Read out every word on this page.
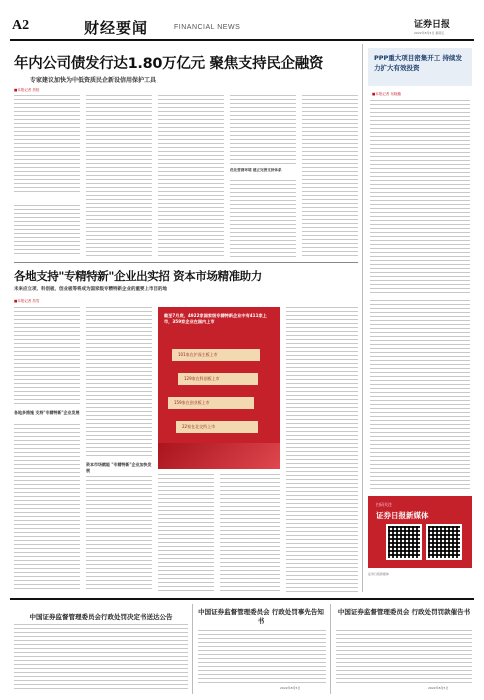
A2	财经要闻	FINANCIAL NEWS	证券日报
2022年8月5日 星期五
年内公司债发行达1.80万亿元 聚焦支持民企融资
专家建议加快为中低资质民企新设信用保护工具
■本报记者 昌校

优化营商环境 建立完善支持体系
PPP重大项目密集开工 持续发力扩大有效投资
■本报记者 吴晓璐
各地支持"专精特新"企业出实招 资本市场精准助力
未来应立项、科创板、创业板等将成为国家级专精特新企业的重要上市目的地
■本报记者 昌雪
各地多措施 支持"专精特新"企业发展
资本市场赋能 "专精特新"企业加快发展
截至7月底，4922家国家级专精特新企业中有411家上市，359家企业在国内上市
101家在沪深主板上市
129家在科创板上市
159家在创业板上市
22家在北交所上市
扫码关注
证券日报新媒体
证券日报新媒体
中国证券监督管理委员会行政处罚决定书送达公告
中国证券监督管理委员会 行政处罚事先告知书
2022年8月5日
中国证券监督管理委员会 行政处罚罚款催告书
2022年8月5日
